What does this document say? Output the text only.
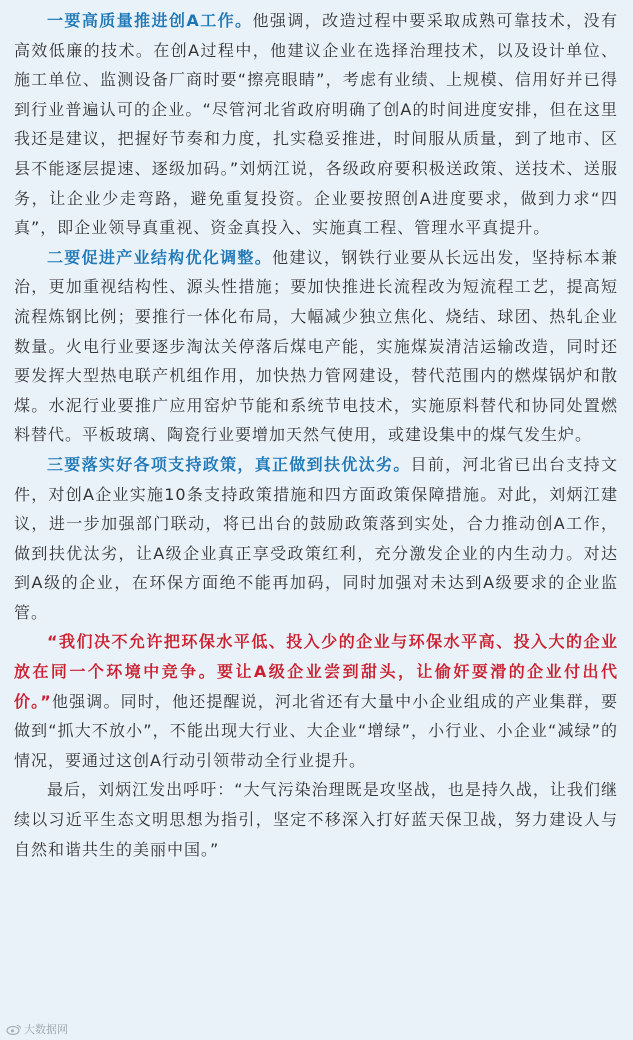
一要高质量推进创A工作。他强调，改造过程中要采取成熟可靠技术，没有高效低廉的技术。在创A过程中，他建议企业在选择治理技术，以及设计单位、施工单位、监测设备厂商时要“擦亮眼睛”，考虑有业绩、上规模、信用好并已得到行业普遍认可的企业。“尽管河北省政府明确了创A的时间进度安排，但在这里我还是建议，把握好节奏和力度，扎实稳妥推进，时间服从质量，到了地市、区县不能逐层提速、逐级加码。”刘炳江说，各级政府要积极送政策、送技术、送服务，让企业少走弯路，避免重复投资。企业要按照创A进度要求，做到力求“四真”，即企业领导真重视、资金真投入、实施真工程、管理水平真提升。

二要促进产业结构优化调整。他建议，钢铁行业要从长远出发，坚持标本兼治，更加重视结构性、源头性措施；要加快推进长流程改为短流程工艺，提高短流程炼钢比例；要推行一体化布局，大幅减少独立焦化、烧结、球团、热轧企业数量。火电行业要逐步淘汰关停落后煤电产能，实施煤炭清洁运输改造，同时还要发挥大型热电联产机组作用，加快热力管网建设，替代范围内的燃煤锅炉和散煤。水泥行业要推广应用窑炉节能和系统节电技术，实施原料替代和协同处置燃料替代。平板玻璃、陶瓷行业要增加天然气使用，或建设集中的煤气发生炉。

三要落实好各项支持政策，真正做到扶优汰劣。目前，河北省已出台支持文件，对创A企业实施10条支持政策措施和四方面政策保障措施。对此，刘炳江建议，进一步加强部门联动，将已出台的鼓励政策落到实处，合力推动创A工作，做到扶优汰劣，让A级企业真正享受政策红利，充分激发企业的内生动力。对达到A级的企业，在环保方面绝不能再加码，同时加强对未达到A级要求的企业监管。

“我们决不允许把环保水平低、投入少的企业与环保水平高、投入大的企业放在同一个环境中竞争。要让A级企业尝到甜头，让偷奸耍滑的企业付出代价。”他强调。同时，他还提醒说，河北省还有大量中小企业组成的产业集群，要做到“抓大不放小”，不能出现大行业、大企业“增绿”，小行业、小企业“减绿”的情况，要通过这创A行动引领带动全行业提升。

最后，刘炳江发出呼吁：“大气污染治理既是攻坚战，也是持久战，让我们继续以习近平生态文明思想为指引，坚定不移深入打好蓝天保卫战，努力建设人与自然和谐共生的美丽中国。”

大数据网
